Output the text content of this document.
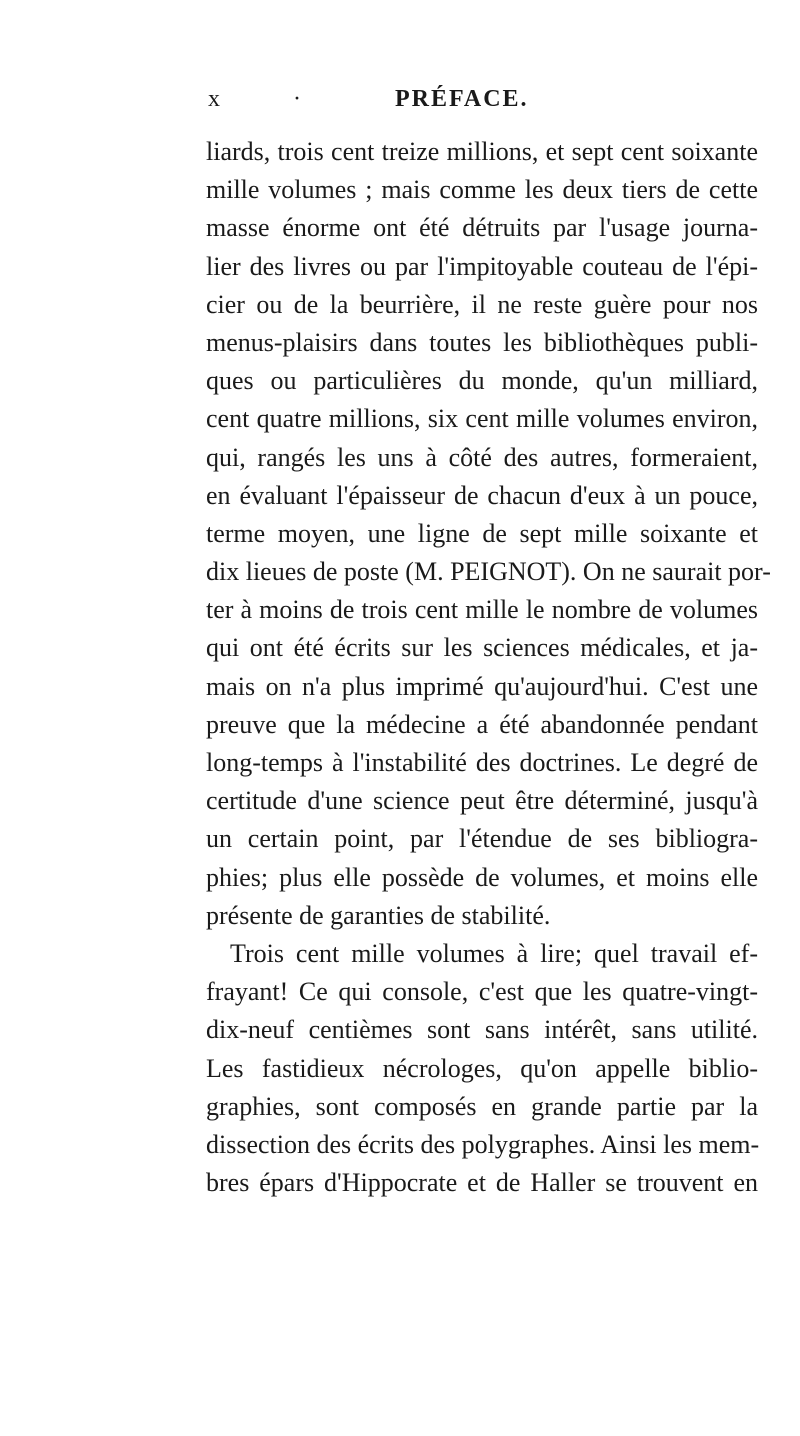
x	·	PRÉFACE.
liards, trois cent treize millions, et sept cent soixante
mille volumes ; mais comme les deux tiers de cette
masse énorme ont été détruits par l'usage journa-
lier des livres ou par l'impitoyable couteau de l'épi-
cier ou de la beurrière, il ne reste guère pour nos
menus-plaisirs dans toutes les bibliothèques publi-
ques ou particulières du monde, qu'un milliard,
cent quatre millions, six cent mille volumes environ,
qui, rangés les uns à côté des autres, formeraient,
en évaluant l'épaisseur de chacun d'eux à un pouce,
terme moyen, une ligne de sept mille soixante et
dix lieues de poste (M. PEIGNOT). On ne saurait por-
ter à moins de trois cent mille le nombre de volumes
qui ont été écrits sur les sciences médicales, et ja-
mais on n'a plus imprimé qu'aujourd'hui. C'est une
preuve que la médecine a été abandonnée pendant
long-temps à l'instabilité des doctrines. Le degré de
certitude d'une science peut être déterminé, jusqu'à
un certain point, par l'étendue de ses bibliogra-
phies; plus elle possède de volumes, et moins elle
présente de garanties de stabilité.
Trois cent mille volumes à lire; quel travail ef-
frayant! Ce qui console, c'est que les quatre-vingt-
dix-neuf centièmes sont sans intérêt, sans utilité.
Les fastidieux nécrologes, qu'on appelle biblio-
graphies, sont composés en grande partie par la
dissection des écrits des polygraphes. Ainsi les mem-
bres épars d'Hippocrate et de Haller se trouvent en
